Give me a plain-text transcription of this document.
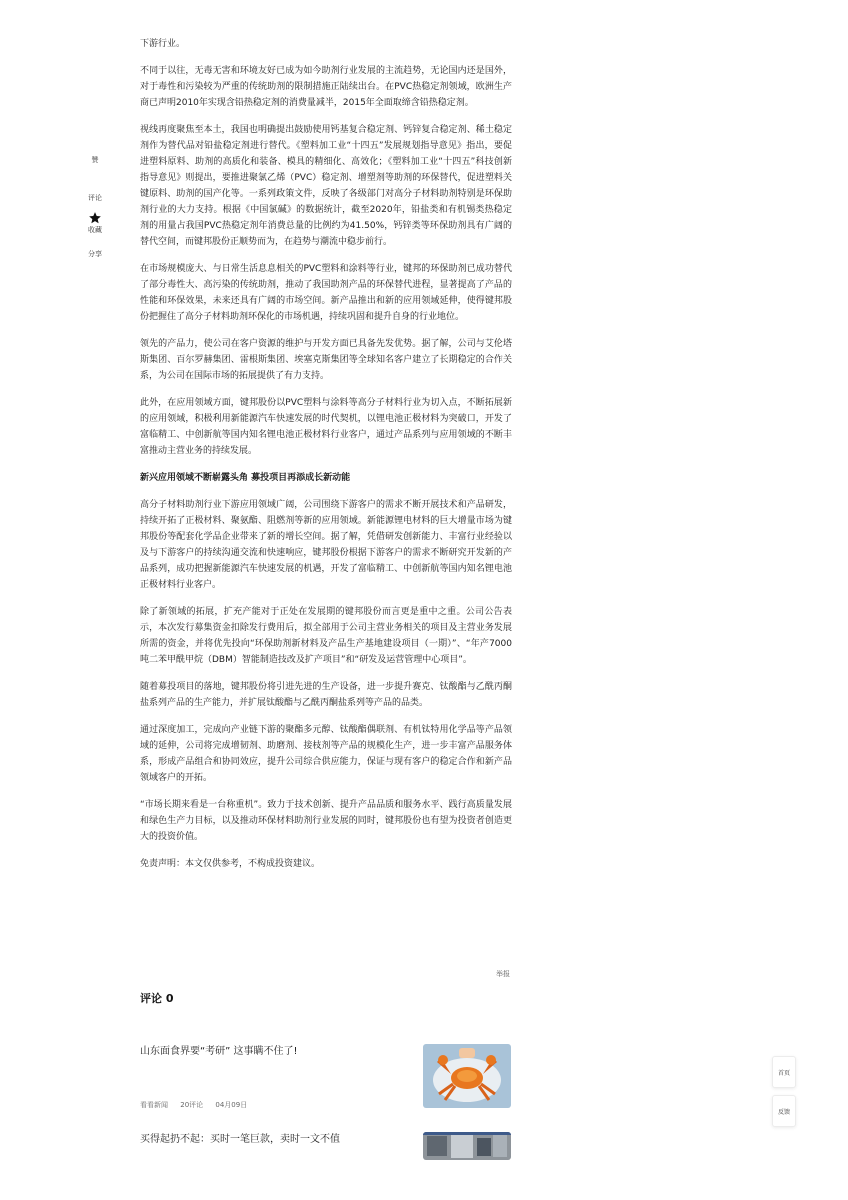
赞
评论
收藏
分享

下游行业。

不同于以往，无毒无害和环境友好已成为如今助剂行业发展的主流趋势，无论国内还是国外，对于毒性和污染较为严重的传统助剂的限制措施正陆续出台。在PVC热稳定剂领域，欧洲生产商已声明2010年实现含铅热稳定剂的消费量减半，2015年全面取缔含铅热稳定剂。

视线再度聚焦至本土，我国也明确提出鼓励使用钙基复合稳定剂、钙锌复合稳定剂、稀土稳定剂作为替代品对铅盐稳定剂进行替代。《塑料加工业“十四五”发展规划指导意见》指出，要促进塑料原料、助剂的高质化和装备、模具的精细化、高效化；《塑料加工业“十四五”科技创新指导意见》则提出，要推进聚氯乙烯（PVC）稳定剂、增塑剂等助剂的环保替代，促进塑料关键原料、助剂的国产化等。一系列政策文件，反映了各级部门对高分子材料助剂特别是环保助剂行业的大力支持。根据《中国氯碱》的数据统计，截至2020年，铅盐类和有机锡类热稳定剂的用量占我国PVC热稳定剂年消费总量的比例约为41.50%，钙锌类等环保助剂具有广阔的替代空间，而键邦股份正顺势而为，在趋势与潮流中稳步前行。

在市场规模庞大、与日常生活息息相关的PVC塑料和涂料等行业，键邦的环保助剂已成功替代了部分毒性大、高污染的传统助剂，推动了我国助剂产品的环保替代进程，显著提高了产品的性能和环保效果，未来还具有广阔的市场空间。新产品推出和新的应用领域延伸，使得键邦股份把握住了高分子材料助剂环保化的市场机遇，持续巩固和提升自身的行业地位。

领先的产品力，使公司在客户资源的维护与开发方面已具备先发优势。据了解，公司与艾伦塔斯集团、百尔罗赫集团、雷根斯集团、埃塞克斯集团等全球知名客户建立了长期稳定的合作关系，为公司在国际市场的拓展提供了有力支持。

此外，在应用领域方面，键邦股份以PVC塑料与涂料等高分子材料行业为切入点，不断拓展新的应用领域，积极利用新能源汽车快速发展的时代契机，以锂电池正极材料为突破口，开发了富临精工、中创新航等国内知名锂电池正极材料行业客户，通过产品系列与应用领域的不断丰富推动主营业务的持续发展。

新兴应用领域不断崭露头角 募投项目再添成长新动能

高分子材料助剂行业下游应用领域广阔，公司围绕下游客户的需求不断开展技术和产品研发，持续开拓了正极材料、聚氨酯、阻燃剂等新的应用领域。新能源锂电材料的巨大增量市场为键邦股份等配套化学品企业带来了新的增长空间。据了解，凭借研发创新能力、丰富行业经验以及与下游客户的持续沟通交流和快速响应，键邦股份根据下游客户的需求不断研究开发新的产品系列，成功把握新能源汽车快速发展的机遇，开发了富临精工、中创新航等国内知名锂电池正极材料行业客户。

除了新领域的拓展，扩充产能对于正处在发展期的键邦股份而言更是重中之重。公司公告表示，本次发行募集资金扣除发行费用后，拟全部用于公司主营业务相关的项目及主营业务发展所需的资金，并将优先投向“环保助剂新材料及产品生产基地建设项目（一期）”、“年产7000吨二苯甲酰甲烷（DBM）智能制造技改及扩产项目”和“研发及运营管理中心项目”。

随着募投项目的落地，键邦股份将引进先进的生产设备，进一步提升赛克、钛酸酯与乙酰丙酮盐系列产品的生产能力，并扩展钛酸酯与乙酰丙酮盐系列等产品的品类。

通过深度加工，完成向产业链下游的聚酯多元醇、钛酸酯偶联剂、有机钛特用化学品等产品领域的延伸，公司将完成增韧剂、助磨剂、接枝剂等产品的规模化生产，进一步丰富产品服务体系，形成产品组合和协同效应，提升公司综合供应能力，保证与现有客户的稳定合作和新产品领域客户的开拓。

“市场长期来看是一台称重机”。致力于技术创新、提升产品品质和服务水平、践行高质量发展和绿色生产力目标，以及推动环保材料助剂行业发展的同时，键邦股份也有望为投资者创造更大的投资价值。

免责声明：本文仅供参考，不构成投资建议。

举报
评论 0
山东面食界要“考研” 这事瞒不住了!
看看新闻 20评论 04月09日
买得起扔不起：买时一笔巨款，卖时一文不值
首页
反馈
